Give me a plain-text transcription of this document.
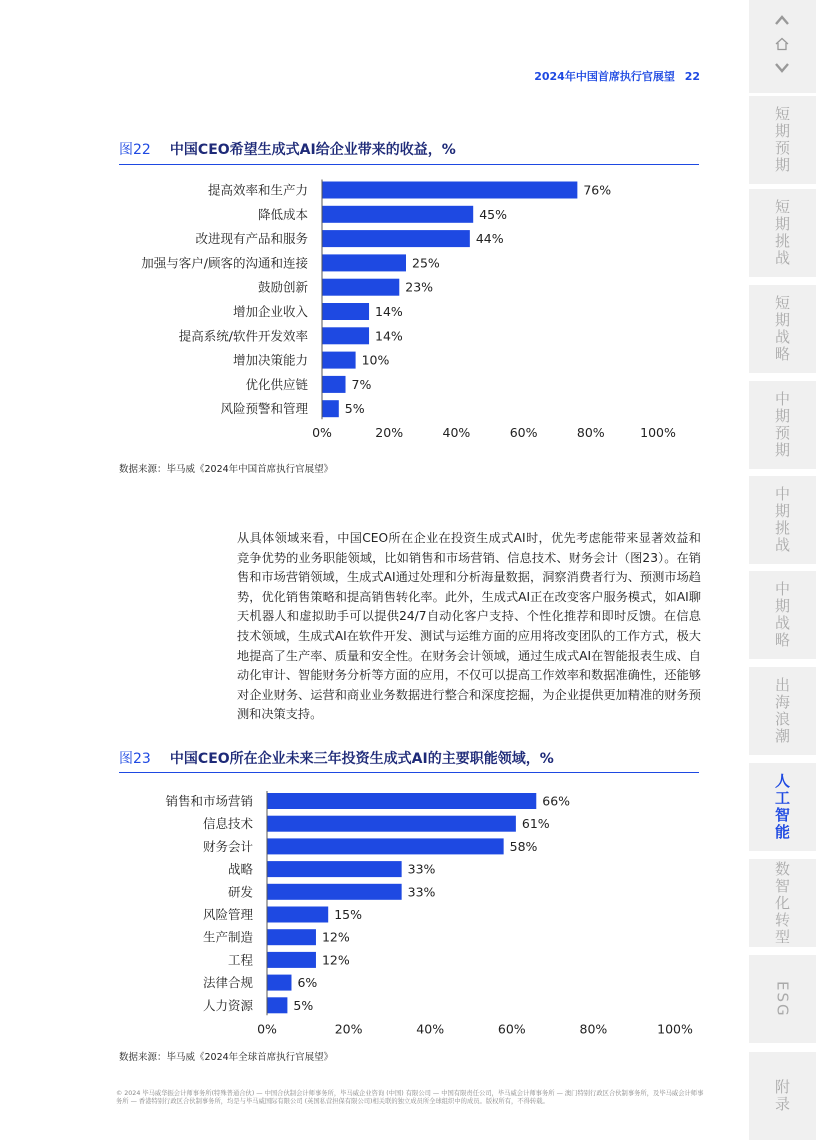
2024年中国首席执行官展望 22
图22 中国CEO希望生成式AI给企业带来的收益，%
提高效率和生产力	76%
降低成本	45%
改进现有产品和服务	44%
加强与客户/顾客的沟通和连接	25%
鼓励创新	23%
增加企业收入	14%
提高系统/软件开发效率	14%
增加决策能力	10%
优化供应链	7%
风险预警和管理	5%
0%	20%	40%	60%	80%	100%
数据来源：毕马威《2024年中国首席执行官展望》
从具体领域来看，中国CEO所在企业在投资生成式AI时，优先考虑能带来显著效益和竞争优势的业务职能领域，比如销售和市场营销、信息技术、财务会计（图23）。在销售和市场营销领域，生成式AI通过处理和分析海量数据，洞察消费者行为、预测市场趋势，优化销售策略和提高销售转化率。此外，生成式AI正在改变客户服务模式，如AI聊天机器人和虚拟助手可以提供24/7自动化客户支持、个性化推荐和即时反馈。在信息技术领域，生成式AI在软件开发、测试与运维方面的应用将改变团队的工作方式，极大地提高了生产率、质量和安全性。在财务会计领域，通过生成式AI在智能报表生成、自动化审计、智能财务分析等方面的应用，不仅可以提高工作效率和数据准确性，还能够对企业财务、运营和商业业务数据进行整合和深度挖掘，为企业提供更加精准的财务预测和决策支持。
图23 中国CEO所在企业未来三年投资生成式AI的主要职能领域，%
销售和市场营销	66%
信息技术	61%
财务会计	58%
战略	33%
研发	33%
风险管理	15%
生产制造	12%
工程	12%
法律合规	6%
人力资源	5%
0%	20%	40%	60%	80%	100%
数据来源：毕马威《2024年全球首席执行官展望》
© 2024 毕马威华振会计师事务所(特殊普通合伙) — 中国合伙制会计师事务所，毕马威企业咨询 (中国) 有限公司 — 中国有限责任公司，毕马威会计师事务所 — 澳门特别行政区合伙制事务所，及毕马威会计师事务所 — 香港特别行政区合伙制事务所，均是与毕马威国际有限公司 (英国私营担保有限公司)相关联的独立成员所全球组织中的成员。版权所有，不得转载。
短期预期
短期挑战
短期战略
中期预期
中期挑战
中期战略
出海浪潮
人工智能
数智化转型
ESG
附录
